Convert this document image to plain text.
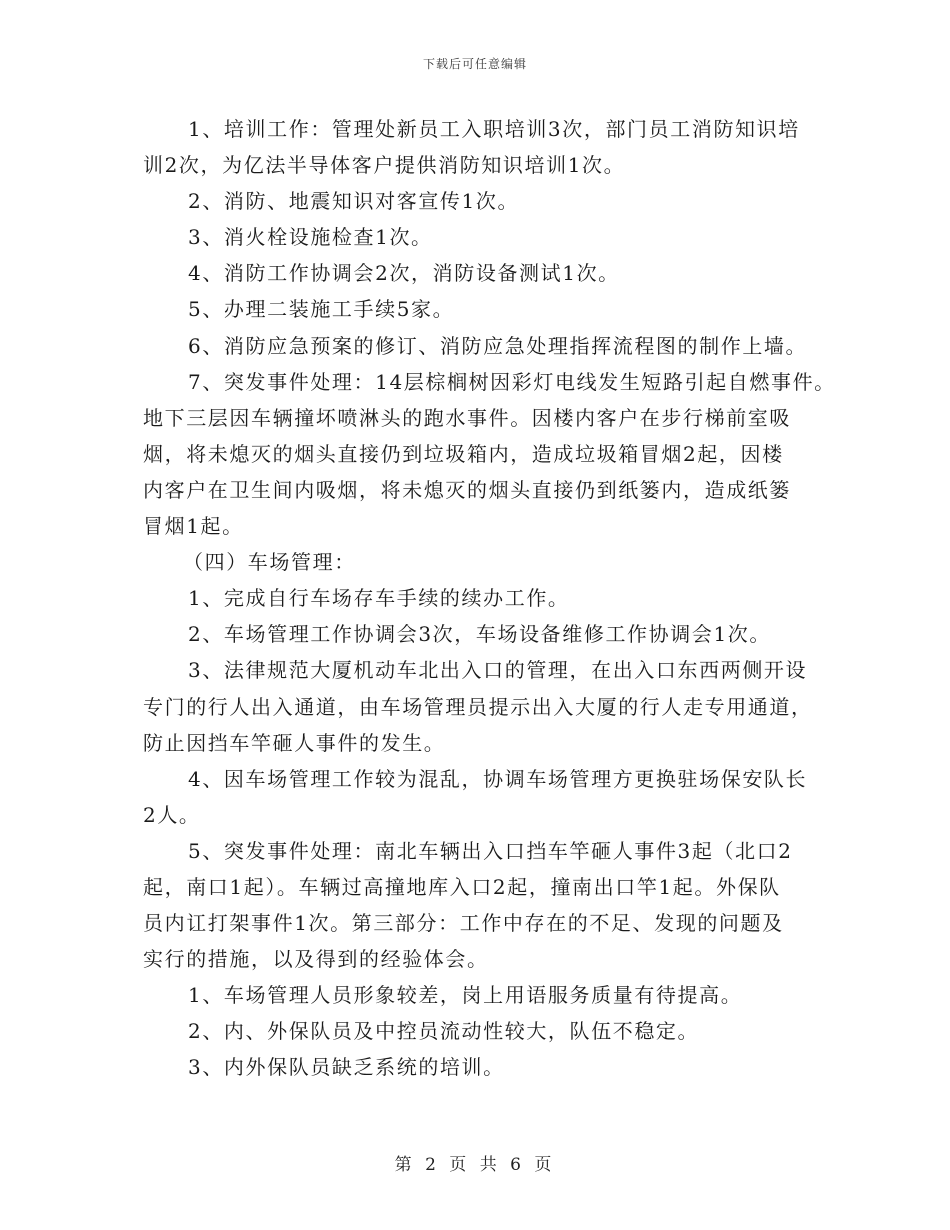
下载后可任意编辑
1、培训工作：管理处新员工入职培训3次，部门员工消防知识培
训2次，为亿法半导体客户提供消防知识培训1次。
2、消防、地震知识对客宣传1次。
3、消火栓设施检查1次。
4、消防工作协调会2次，消防设备测试1次。
5、办理二装施工手续5家。
6、消防应急预案的修订、消防应急处理指挥流程图的制作上墙。
7、突发事件处理：14层棕榈树因彩灯电线发生短路引起自燃事件。
地下三层因车辆撞坏喷淋头的跑水事件。因楼内客户在步行梯前室吸
烟，将未熄灭的烟头直接仍到垃圾箱内，造成垃圾箱冒烟2起，因楼
内客户在卫生间内吸烟，将未熄灭的烟头直接仍到纸篓内，造成纸篓
冒烟1起。
（四）车场管理：
1、完成自行车场存车手续的续办工作。
2、车场管理工作协调会3次，车场设备维修工作协调会1次。
3、法律规范大厦机动车北出入口的管理，在出入口东西两侧开设
专门的行人出入通道，由车场管理员提示出入大厦的行人走专用通道，
防止因挡车竿砸人事件的发生。
4、因车场管理工作较为混乱，协调车场管理方更换驻场保安队长
2人。
5、突发事件处理：南北车辆出入口挡车竿砸人事件3起（北口2
起，南口1起）。车辆过高撞地库入口2起，撞南出口竿1起。外保队
员内讧打架事件1次。第三部分：工作中存在的不足、发现的问题及
实行的措施，以及得到的经验体会。
1、车场管理人员形象较差，岗上用语服务质量有待提高。
2、内、外保队员及中控员流动性较大，队伍不稳定。
3、内外保队员缺乏系统的培训。
第 2 页 共 6 页
